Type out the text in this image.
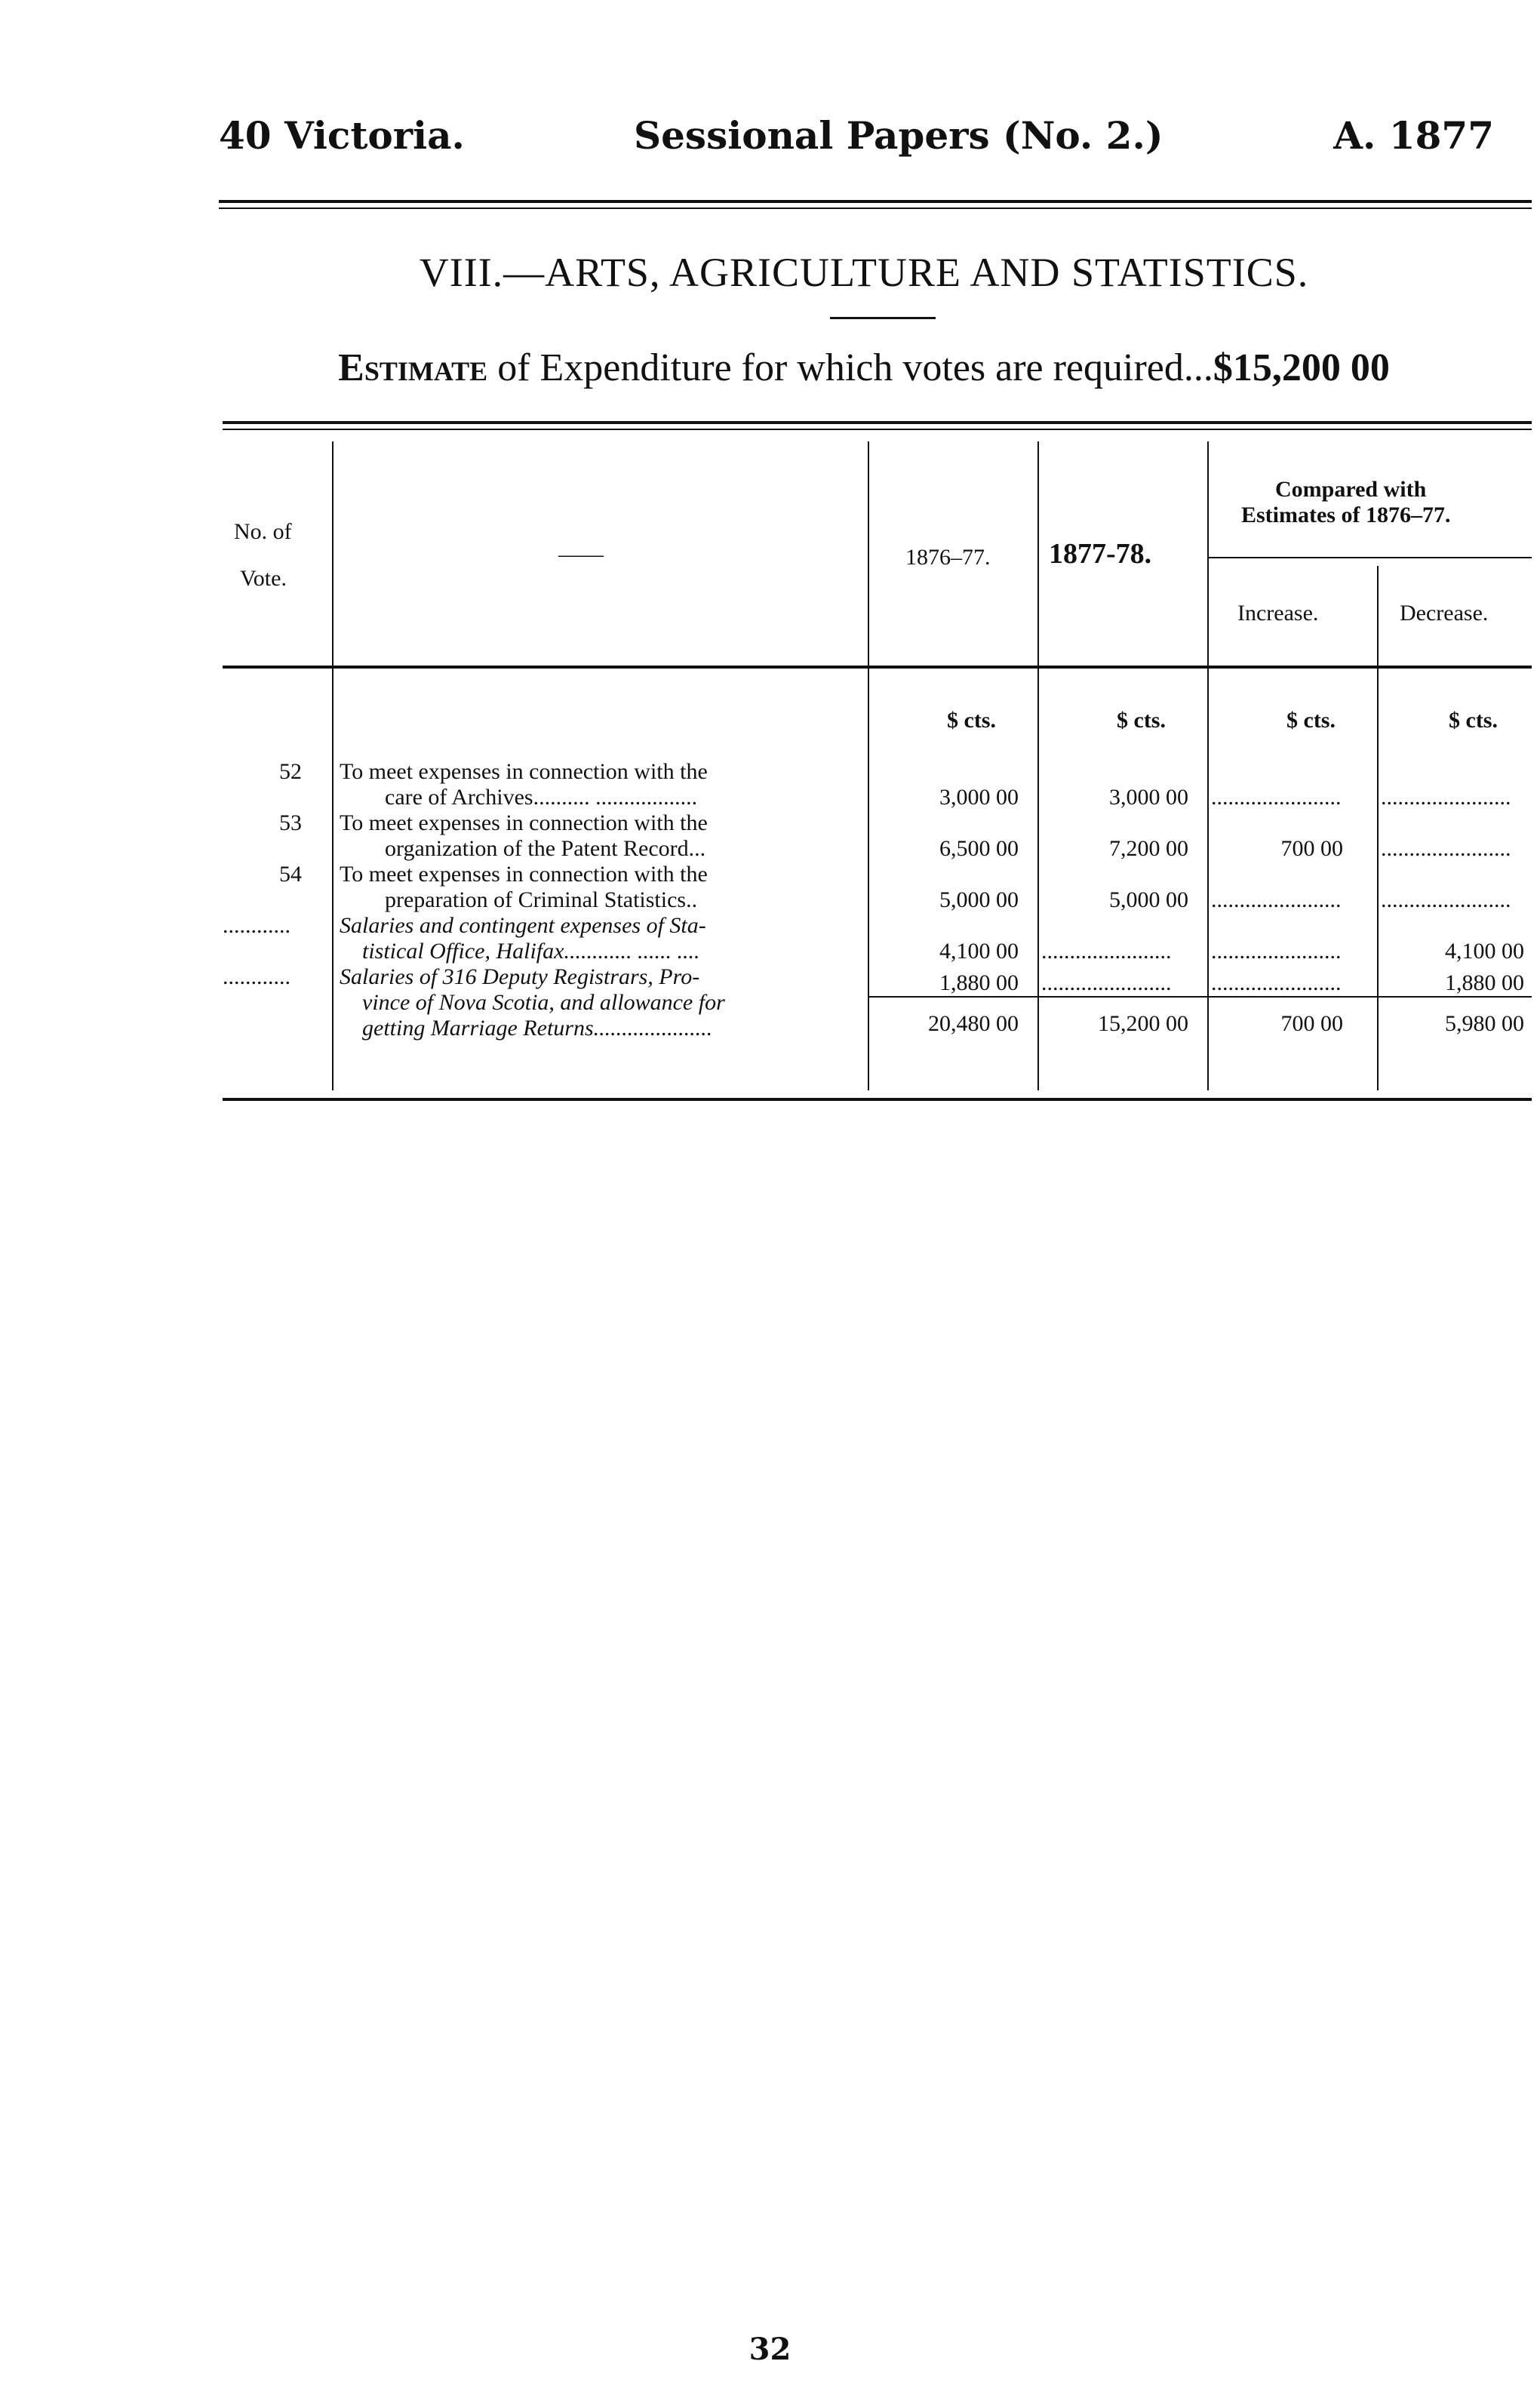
40 Victoria.	Sessional Papers (No. 2.)	A. 1877
VIII.—ARTS, AGRICULTURE AND STATISTICS.
Estimate of Expenditure for which votes are required...$15,200 00
No. of
Vote.
——	1876–77. 1877-78.
Compared with
Estimates of 1876–77.
Increase.	Decrease.
$ cts.	$ cts.	$ cts.	$ cts.
52 To meet expenses in connection with the
care of Archives.......... ..................	3,000 00	3,000 00 ....................... .......................
53 To meet expenses in connection with the
organization of the Patent Record...	6,500 00	7,200 00	700 00 .......................
54 To meet expenses in connection with the
preparation of Criminal Statistics..	5,000 00	5,000 00 ....................... .......................
............ Salaries and contingent expenses of Sta-
tistical Office, Halifax............ ...... ....	4,100 00 ....................... .......................	4,100 00
............ Salaries of 316 Deputy Registrars, Pro-
vince of Nova Scotia, and allowance for
getting Marriage Returns.....................
1,880 00 ....................... .......................	1,880 00
20,480 00	15,200 00	700 00	5,980 00
32
